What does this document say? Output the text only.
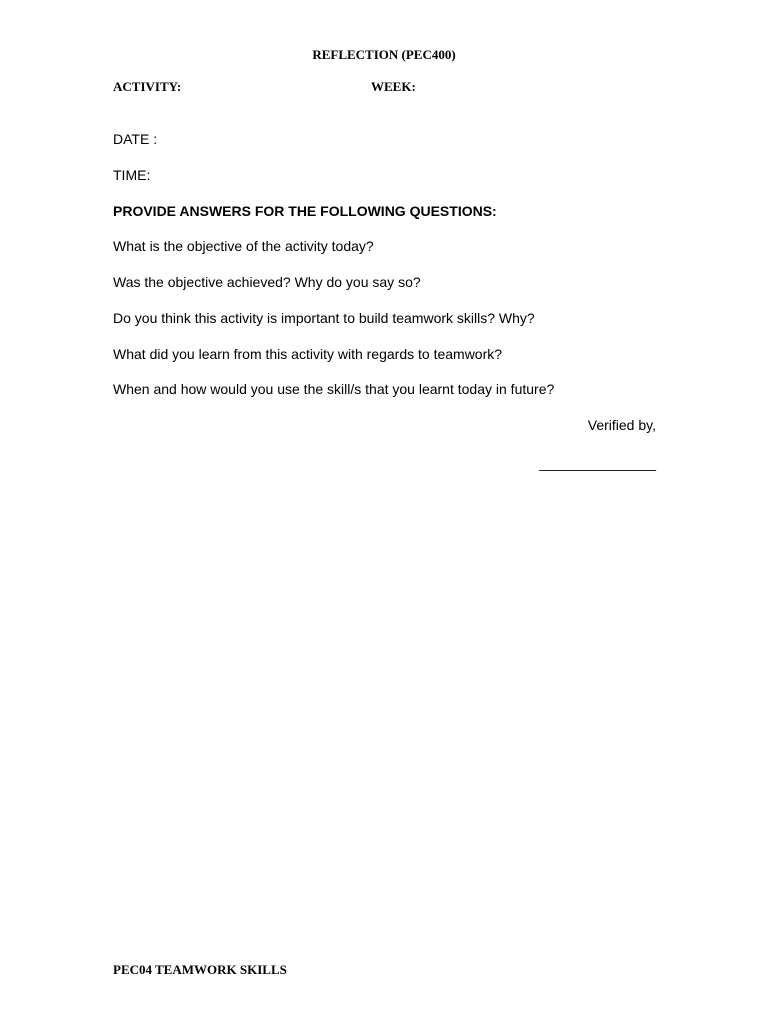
REFLECTION (PEC400)
ACTIVITY:	WEEK:
DATE :
TIME:
PROVIDE ANSWERS FOR THE FOLLOWING QUESTIONS:
What is the objective of the activity today?
Was the objective achieved? Why do you say so?
Do you think this activity is important to build teamwork skills? Why?
What did you learn from this activity with regards to teamwork?
When and how would you use the skill/s that you learnt today in future?
Verified by,
_______________
PEC04 TEAMWORK SKILLS
